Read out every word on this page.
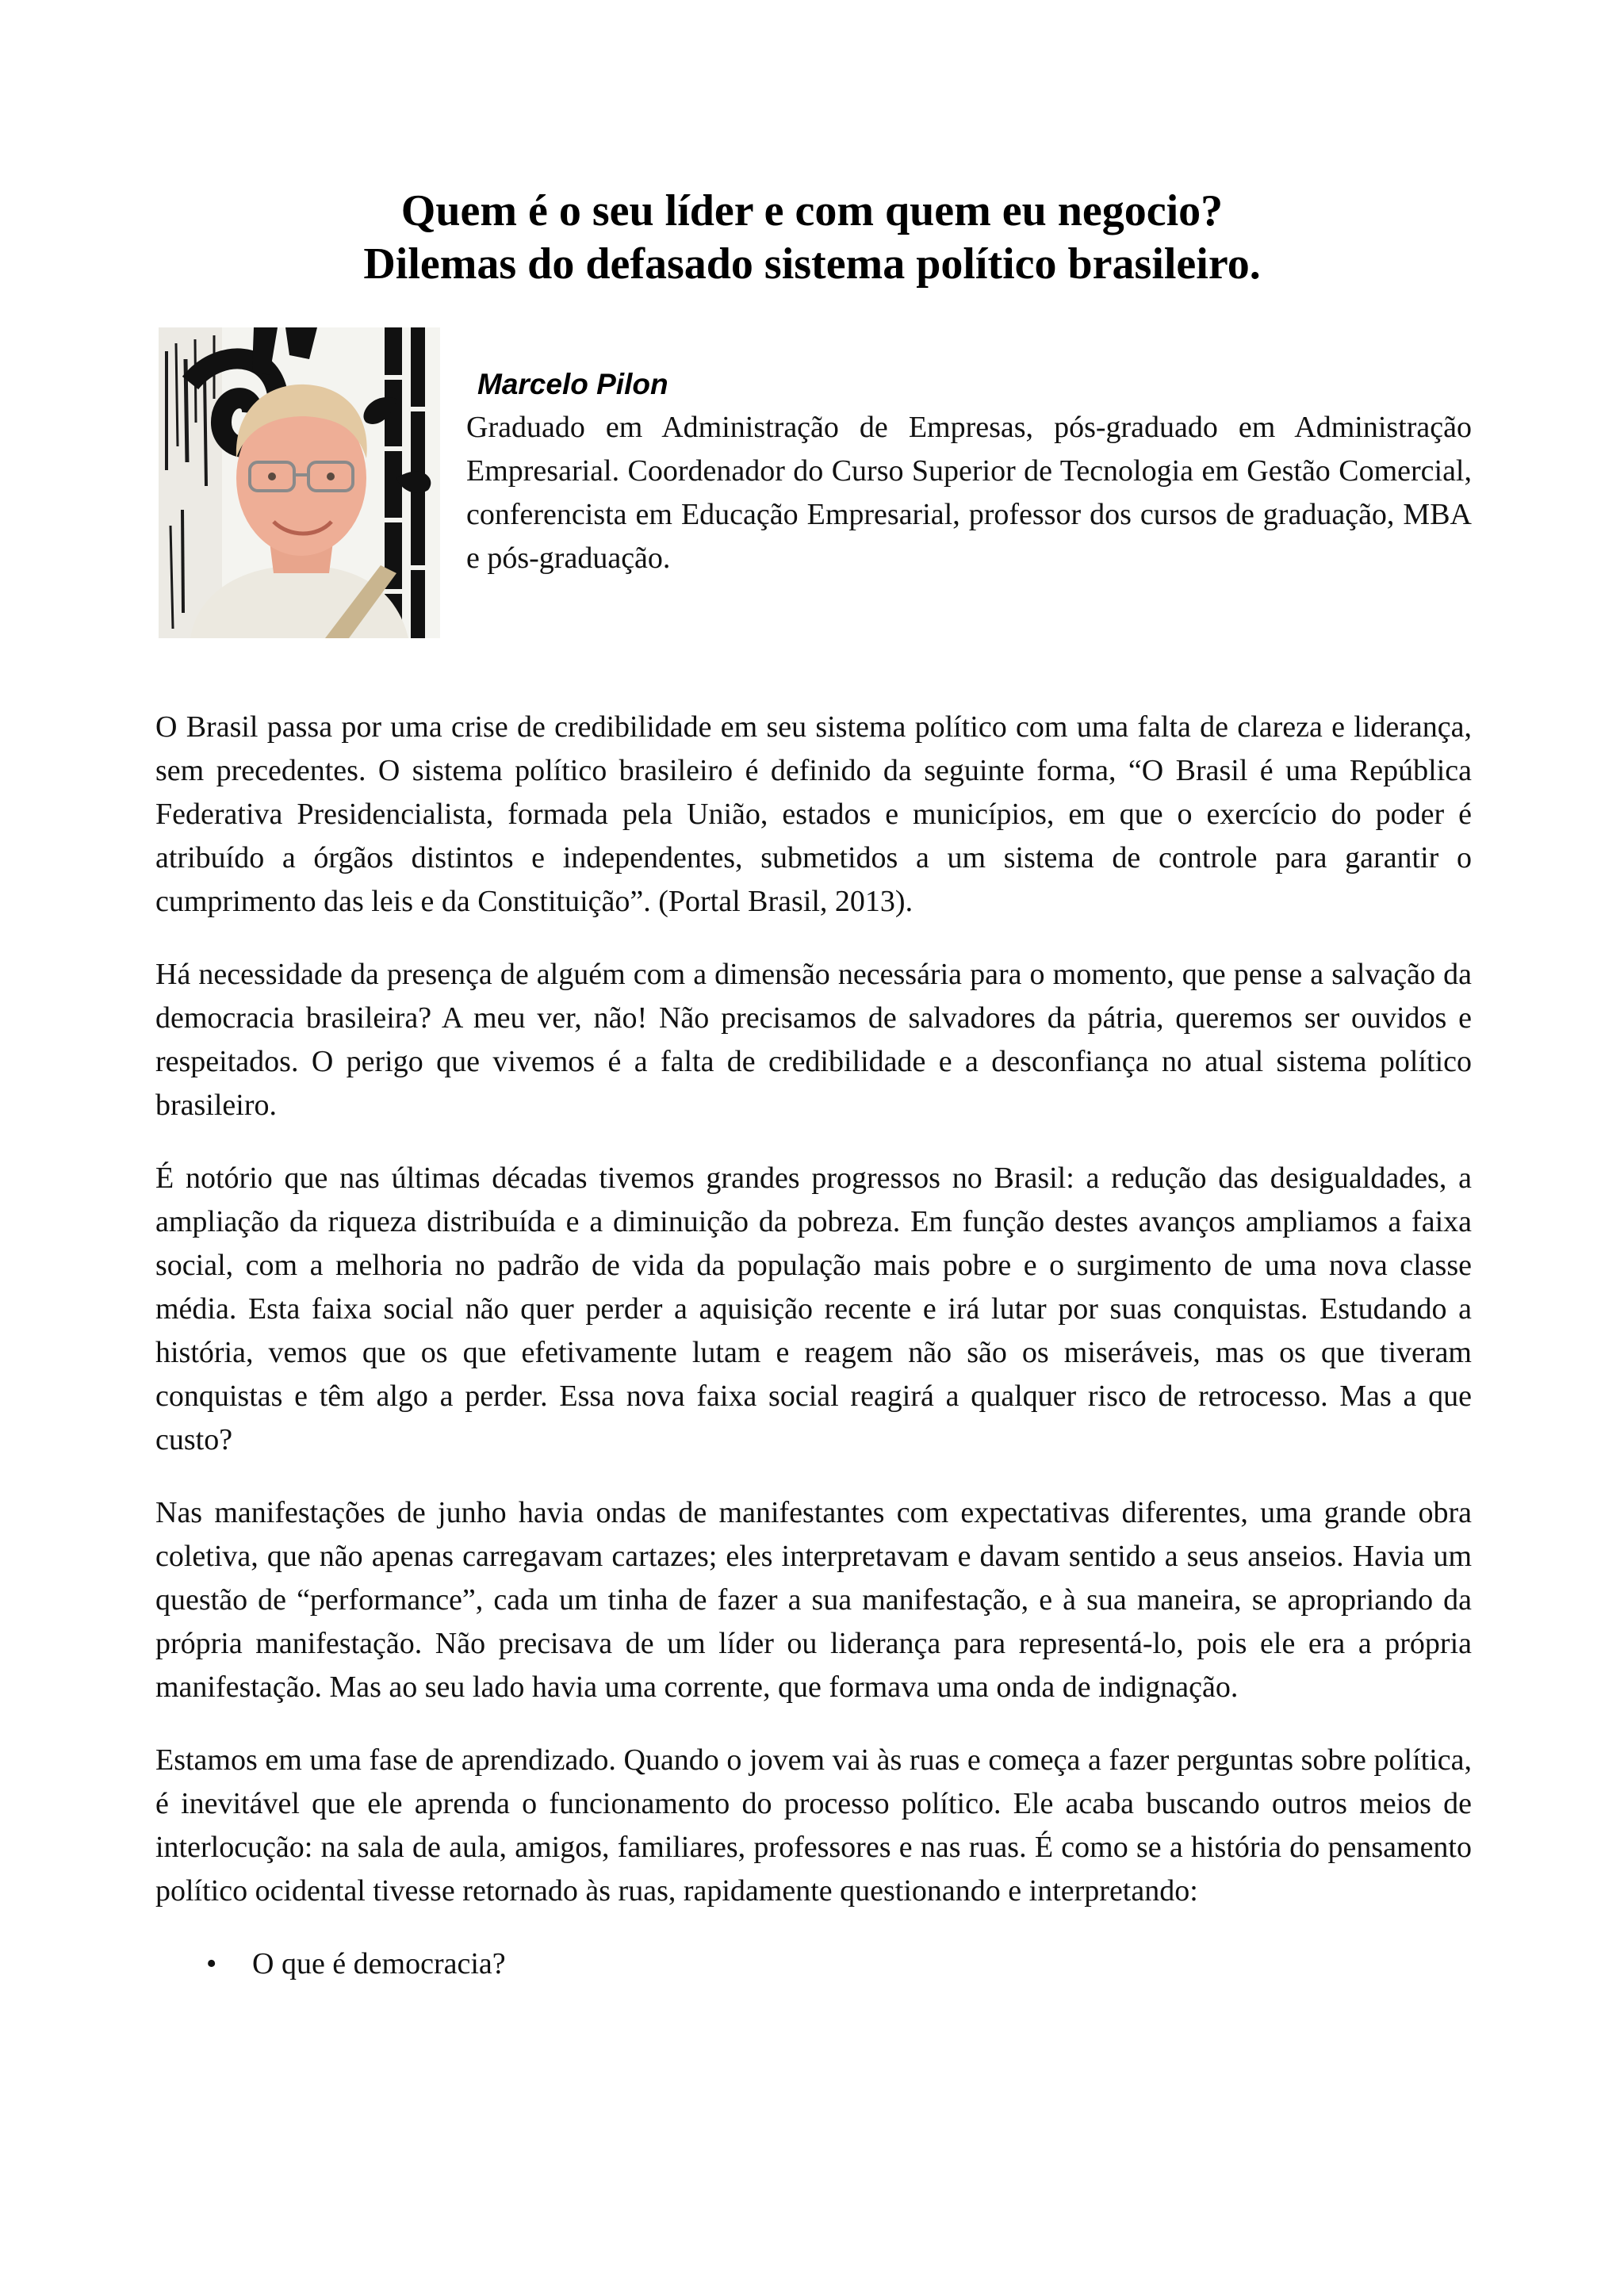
Quem é o seu líder e com quem eu negocio?
Dilemas do defasado sistema político brasileiro.

Marcelo Pilon

Graduado em Administração de Empresas, pós-graduado em Administração Empresarial. Coordenador do Curso Superior de Tecnologia em Gestão Comercial, conferencista em Educação Empresarial, professor dos cursos de graduação, MBA e pós-graduação.

O Brasil passa por uma crise de credibilidade em seu sistema político com uma falta de clareza e liderança, sem precedentes. O sistema político brasileiro é definido da seguinte forma, “O Brasil é uma República Federativa Presidencialista, formada pela União, estados e municípios, em que o exercício do poder é atribuído a órgãos distintos e independentes, submetidos a um sistema de controle para garantir o cumprimento das leis e da Constituição”. (Portal Brasil, 2013).

Há necessidade da presença de alguém com a dimensão necessária para o momento, que pense a salvação da democracia brasileira? A meu ver, não! Não precisamos de salvadores da pátria, queremos ser ouvidos e respeitados. O perigo que vivemos é a falta de credibilidade e a desconfiança no atual sistema político brasileiro.

É notório que nas últimas décadas tivemos grandes progressos no Brasil: a redução das desigualdades, a ampliação da riqueza distribuída e a diminuição da pobreza. Em função destes avanços ampliamos a faixa social, com a melhoria no padrão de vida da população mais pobre e o surgimento de uma nova classe média. Esta faixa social não quer perder a aquisição recente e irá lutar por suas conquistas. Estudando a história, vemos que os que efetivamente lutam e reagem não são os miseráveis, mas os que tiveram conquistas e têm algo a perder. Essa nova faixa social reagirá a qualquer risco de retrocesso. Mas a que custo?

Nas manifestações de junho havia ondas de manifestantes com expectativas diferentes, uma grande obra coletiva, que não apenas carregavam cartazes; eles interpretavam e davam sentido a seus anseios. Havia um questão de “performance”, cada um tinha de fazer a sua manifestação, e à sua maneira, se apropriando da própria manifestação. Não precisava de um líder ou liderança para representá-lo, pois ele era a própria manifestação. Mas ao seu lado havia uma corrente, que formava uma onda de indignação.

Estamos em uma fase de aprendizado. Quando o jovem vai às ruas e começa a fazer perguntas sobre política, é inevitável que ele aprenda o funcionamento do processo político. Ele acaba buscando outros meios de interlocução: na sala de aula, amigos, familiares, professores e nas ruas. É como se a história do pensamento político ocidental tivesse retornado às ruas, rapidamente questionando e interpretando:

• O que é democracia?
